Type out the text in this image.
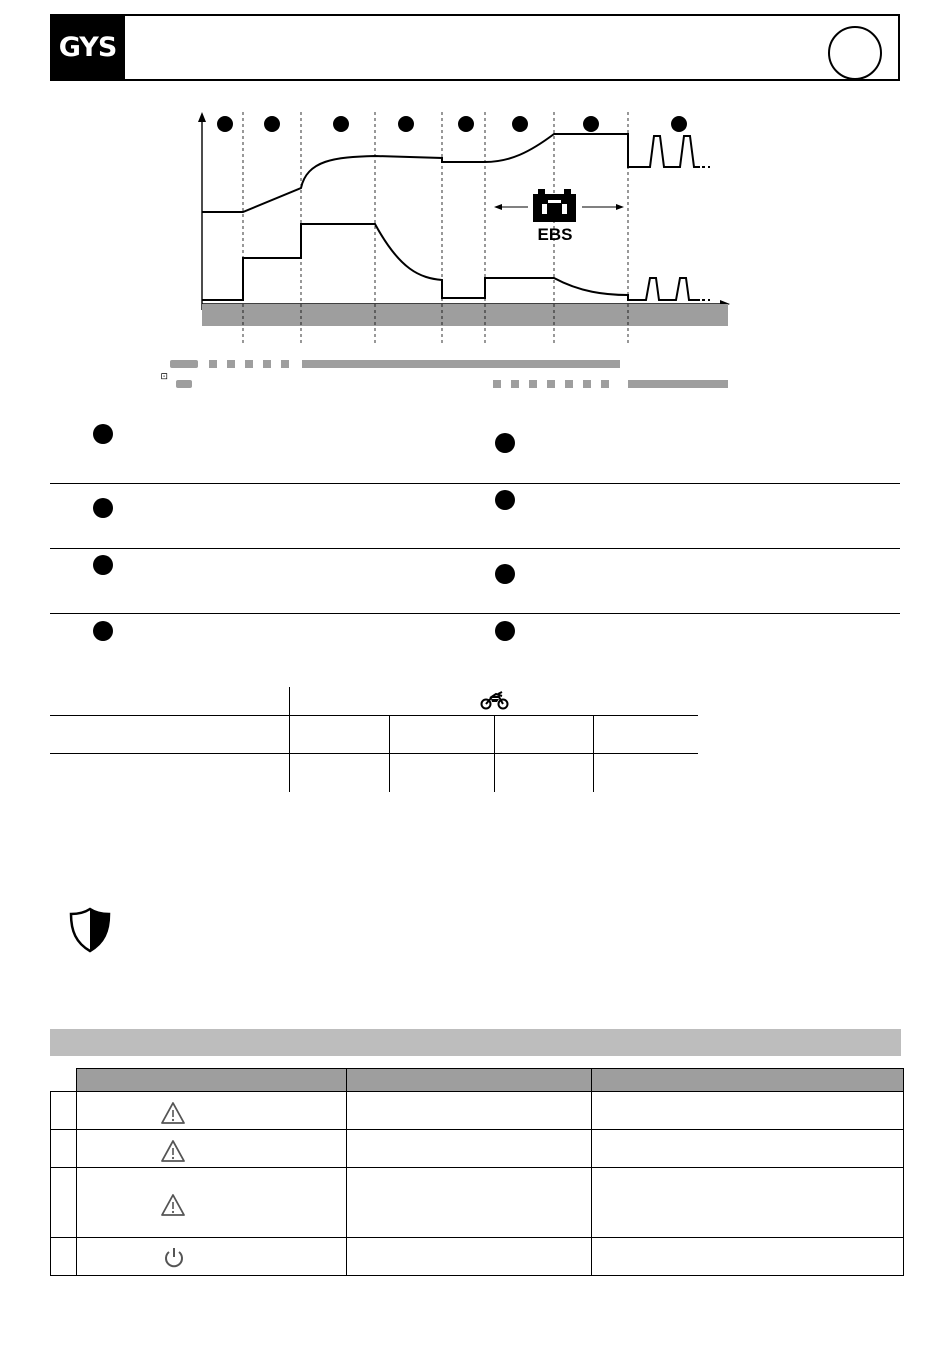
GYS
EBS
⊡
